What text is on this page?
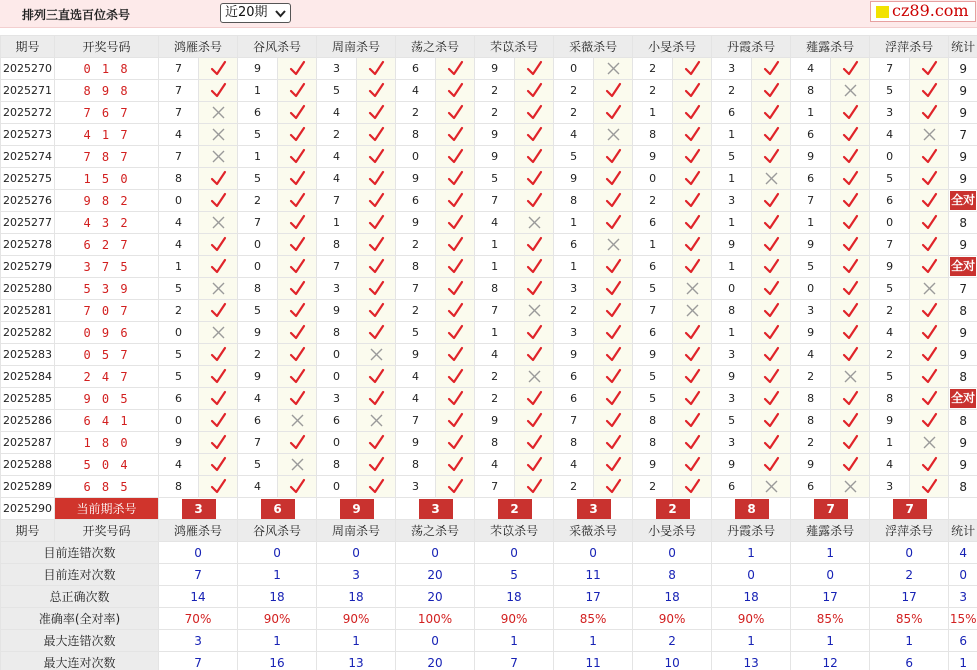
排列三直选百位杀号	近20期	cz89.com
期号	开奖号码	鸿雁杀号		谷风杀号		周南杀号		荡之杀号		芣苡杀号		采薇杀号		小旻杀号		丹霞杀号		薤露杀号		浮萍杀号		统计
2025270	0 1 8	7		9		3		6		9		0		2		3		4		7		9
2025271	8 9 8	7		1		5		4		2		2		2		2		8		5		9
2025272	7 6 7	7		6		4		2		2		2		1		6		1		3		9
2025273	4 1 7	4		5		2		8		9		4		8		1		6		4		7
2025274	7 8 7	7		1		4		0		9		5		9		5		9		0		9
2025275	1 5 0	8		5		4		9		5		9		0		1		6		5		9
2025276	9 8 2	0		2		7		6		7		8		2		3		7		6		全对
2025277	4 3 2	4		7		1		9		4		1		6		1		1		0		8
2025278	6 2 7	4		0		8		2		1		6		1		9		9		7		9
2025279	3 7 5	1		0		7		8		1		1		6		1		5		9		全对
2025280	5 3 9	5		8		3		7		8		3		5		0		0		5		7
2025281	7 0 7	2		5		9		2		7		2		7		8		3		2		8
2025282	0 9 6	0		9		8		5		1		3		6		1		9		4		9
2025283	0 5 7	5		2		0		9		4		9		9		3		4		2		9
2025284	2 4 7	5		9		0		4		2		6		5		9		2		5		8
2025285	9 0 5	6		4		3		4		2		6		5		3		8		8		全对
2025286	6 4 1	0		6		6		7		9		7		8		5		8		9		8
2025287	1 8 0	9		7		0		9		8		8		8		3		2		1		9
2025288	5 0 4	4		5		8		8		4		4		9		9		9		4		9
2025289	6 8 5	8		4		0		3		7		2		2		6		6		3		8
2025290	当前期杀号	3		6		9		3		2		3		2		8		7		7		
期号	开奖号码	鸿雁杀号		谷风杀号		周南杀号		荡之杀号		芣苡杀号		采薇杀号		小旻杀号		丹霞杀号		薤露杀号		浮萍杀号		统计
目前连错次数		0		0		0		0		0		0		0		1		1		0		4
目前连对次数		7		1		3		20		5		11		8		0		0		2		0
总正确次数		14		18		18		20		18		17		18		18		17		17		3
准确率(全对率)		70%		90%		90%		100%		90%		85%		90%		90%		85%		85%		15%
最大连错次数		3		1		1		0		1		1		2		1		1		1		6
最大连对次数		7		16		13		20		7		11		10		13		12		6		1
